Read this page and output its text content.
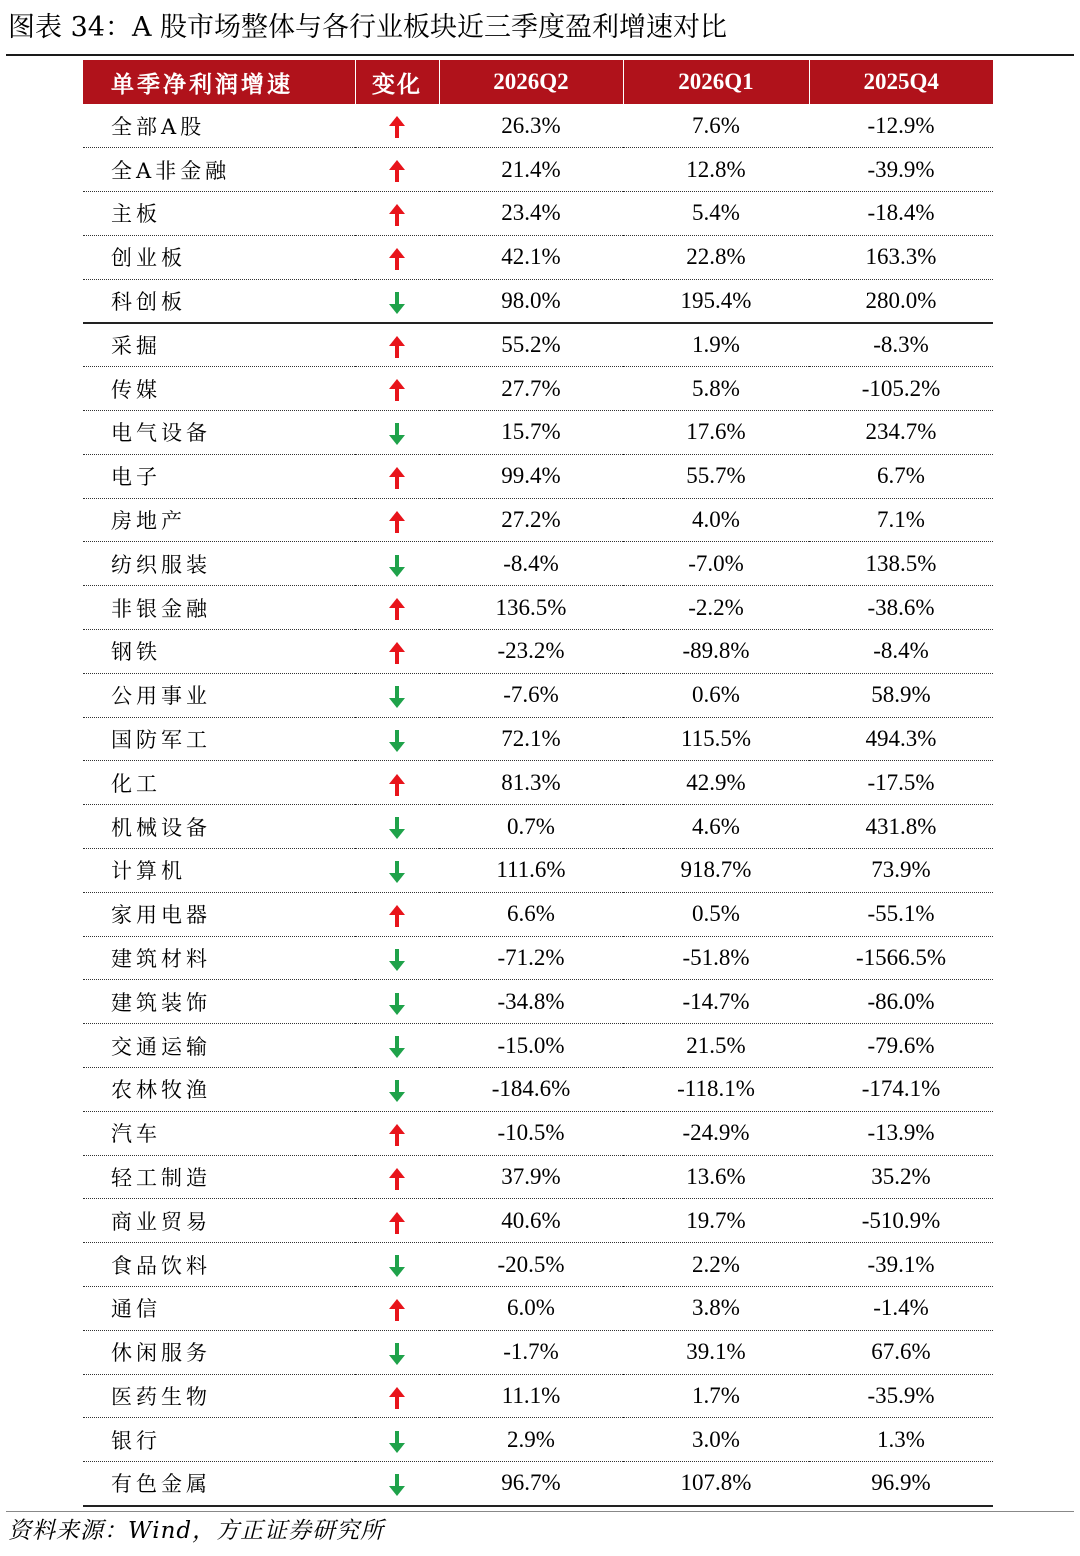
图表 34：A 股市场整体与各行业板块近三季度盈利增速对比
单季净利润增速	变化	2026Q2	2026Q1	2025Q4
全部A股		26.3%	7.6%	-12.9%
全A非金融		21.4%	12.8%	-39.9%
主板		23.4%	5.4%	-18.4%
创业板		42.1%	22.8%	163.3%
科创板		98.0%	195.4%	280.0%
采掘		55.2%	1.9%	-8.3%
传媒		27.7%	5.8%	-105.2%
电气设备		15.7%	17.6%	234.7%
电子		99.4%	55.7%	6.7%
房地产		27.2%	4.0%	7.1%
纺织服装		-8.4%	-7.0%	138.5%
非银金融		136.5%	-2.2%	-38.6%
钢铁		-23.2%	-89.8%	-8.4%
公用事业		-7.6%	0.6%	58.9%
国防军工		72.1%	115.5%	494.3%
化工		81.3%	42.9%	-17.5%
机械设备		0.7%	4.6%	431.8%
计算机		111.6%	918.7%	73.9%
家用电器		6.6%	0.5%	-55.1%
建筑材料		-71.2%	-51.8%	-1566.5%
建筑装饰		-34.8%	-14.7%	-86.0%
交通运输		-15.0%	21.5%	-79.6%
农林牧渔		-184.6%	-118.1%	-174.1%
汽车		-10.5%	-24.9%	-13.9%
轻工制造		37.9%	13.6%	35.2%
商业贸易		40.6%	19.7%	-510.9%
食品饮料		-20.5%	2.2%	-39.1%
通信		6.0%	3.8%	-1.4%
休闲服务		-1.7%	39.1%	67.6%
医药生物		11.1%	1.7%	-35.9%
银行		2.9%	3.0%	1.3%
有色金属		96.7%	107.8%	96.9%
资料来源：Wind，方正证券研究所
